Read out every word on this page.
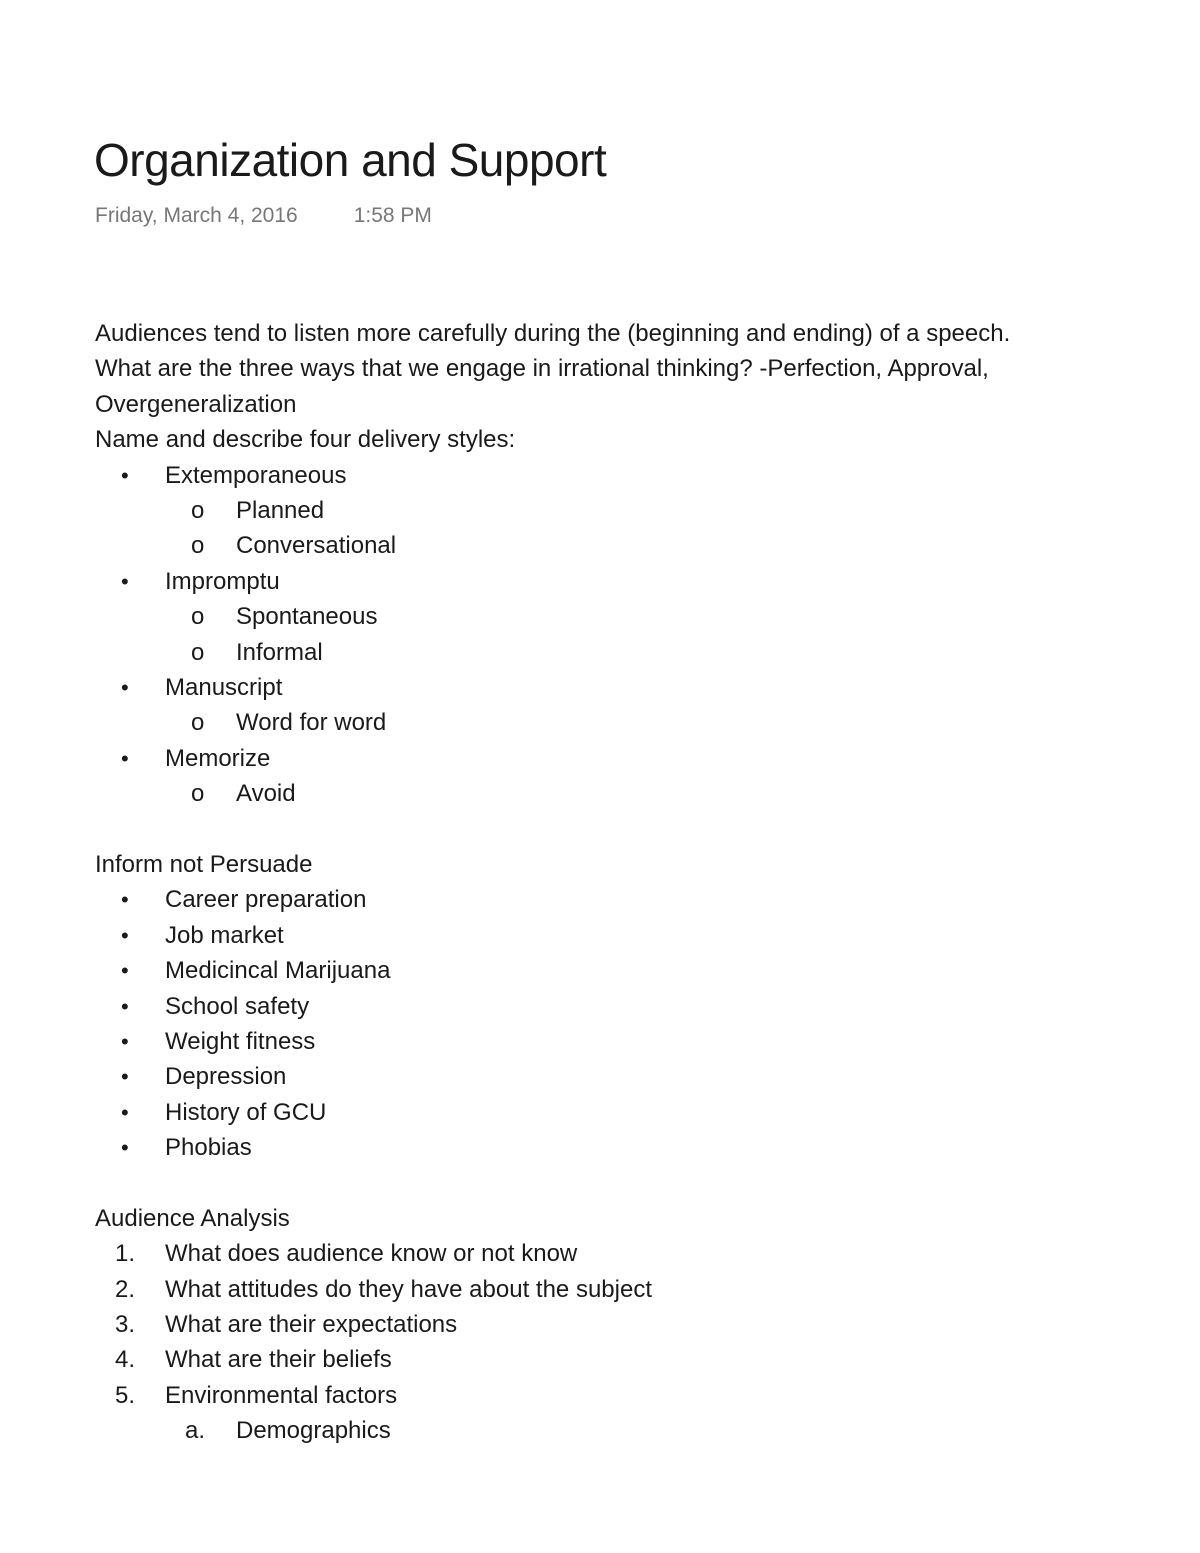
Organization and Support
Friday, March 4, 2016	1:58 PM
Audiences tend to listen more carefully during the (beginning and ending) of a speech.
What are the three ways that we engage in irrational thinking? -Perfection, Approval,
Overgeneralization
Name and describe four delivery styles:
• Extemporaneous
o Planned
o Conversational
• Impromptu
o Spontaneous
o Informal
• Manuscript
o Word for word
• Memorize
o Avoid
Inform not Persuade
• Career preparation
• Job market
• Medicincal Marijuana
• School safety
• Weight fitness
• Depression
• History of GCU
• Phobias
Audience Analysis
1. What does audience know or not know
2. What attitudes do they have about the subject
3. What are their expectations
4. What are their beliefs
5. Environmental factors
a. Demographics
